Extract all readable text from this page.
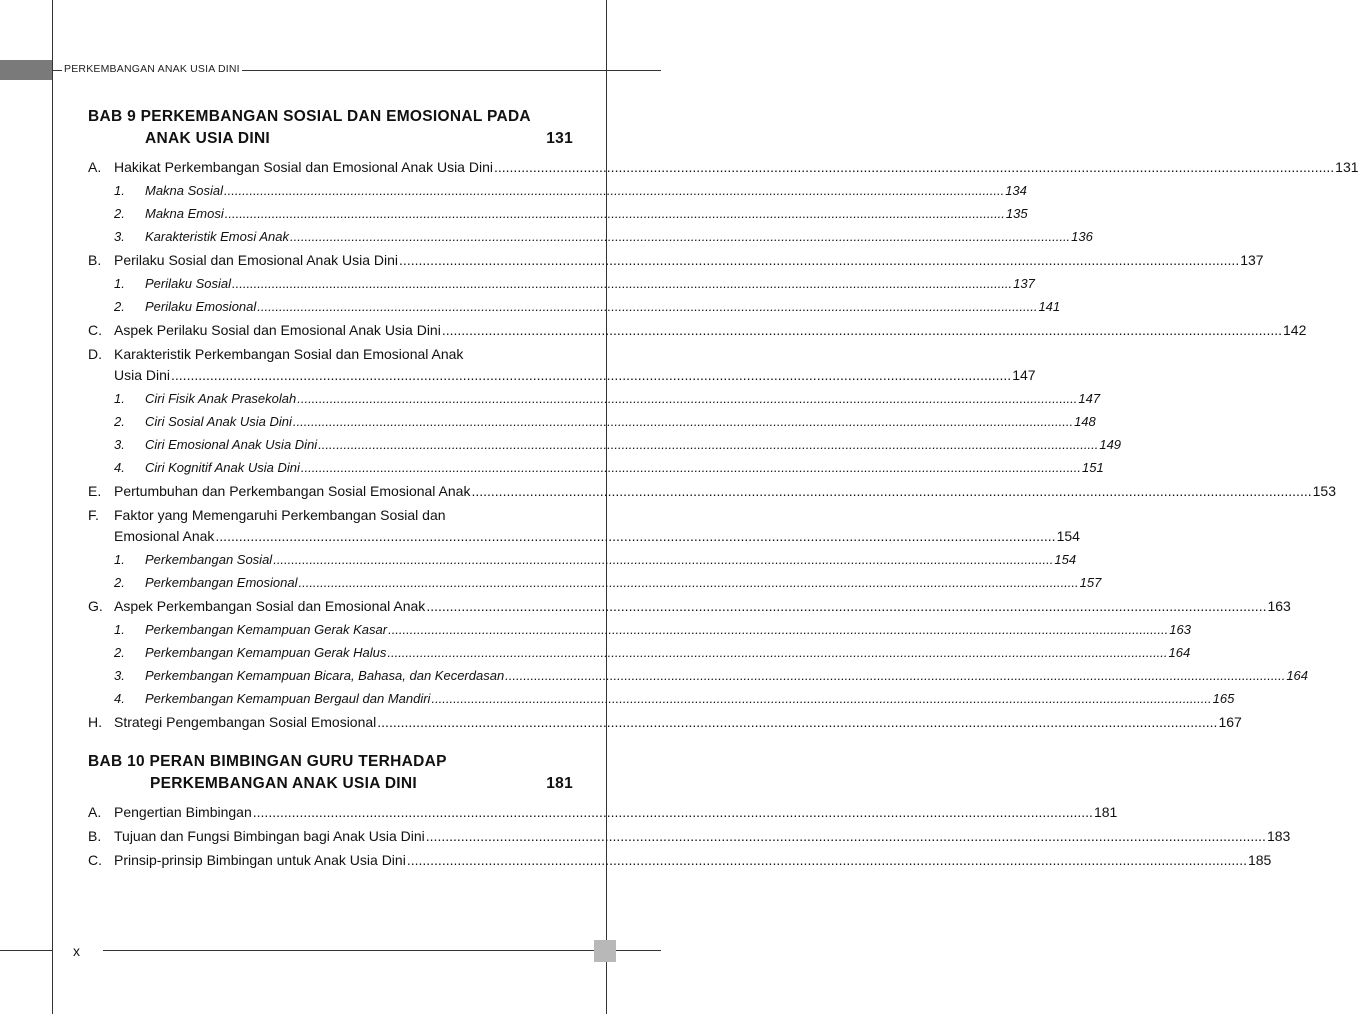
PERKEMBANGAN ANAK USIA DINI
x
BAB 9 PERKEMBANGAN SOSIAL DAN EMOSIONAL PADA
ANAK USIA DINI	131
A. Hakikat Perkembangan Sosial dan Emosional Anak Usia Dini .....	131
1.	Makna Sosial .....	134
2.	Makna Emosi .....	135
3.	Karakteristik Emosi Anak .....	136
B. Perilaku Sosial dan Emosional Anak Usia Dini .....	137
1.	Perilaku Sosial .....	137
2.	Perilaku Emosional .....	141
C. Aspek Perilaku Sosial dan Emosional Anak Usia Dini .....	142
D. Karakteristik Perkembangan Sosial dan Emosional Anak
Usia Dini .....	147
1.	Ciri Fisik Anak Prasekolah .....	147
2.	Ciri Sosial Anak Usia Dini .....	148
3.	Ciri Emosional Anak Usia Dini .....	149
4.	Ciri Kognitif Anak Usia Dini .....	151
E. Pertumbuhan dan Perkembangan Sosial Emosional Anak .....	153
F.	Faktor yang Memengaruhi Perkembangan Sosial dan
Emosional Anak .....	154
1.	Perkembangan Sosial .....	154
2.	Perkembangan Emosional .....	157
G. Aspek Perkembangan Sosial dan Emosional Anak .....	163
1.	Perkembangan Kemampuan Gerak Kasar .....	163
2.	Perkembangan Kemampuan Gerak Halus .....	164
3.	Perkembangan Kemampuan Bicara, Bahasa, dan Kecerdasan .....	164
4.	Perkembangan Kemampuan Bergaul dan Mandiri .....	165
H. Strategi Pengembangan Sosial Emosional .....	167
BAB 10 PERAN BIMBINGAN GURU TERHADAP
PERKEMBANGAN ANAK USIA DINI	181
A. Pengertian Bimbingan .....	181
B. Tujuan dan Fungsi Bimbingan bagi Anak Usia Dini .....	183
C. Prinsip-prinsip Bimbingan untuk Anak Usia Dini .....	185
